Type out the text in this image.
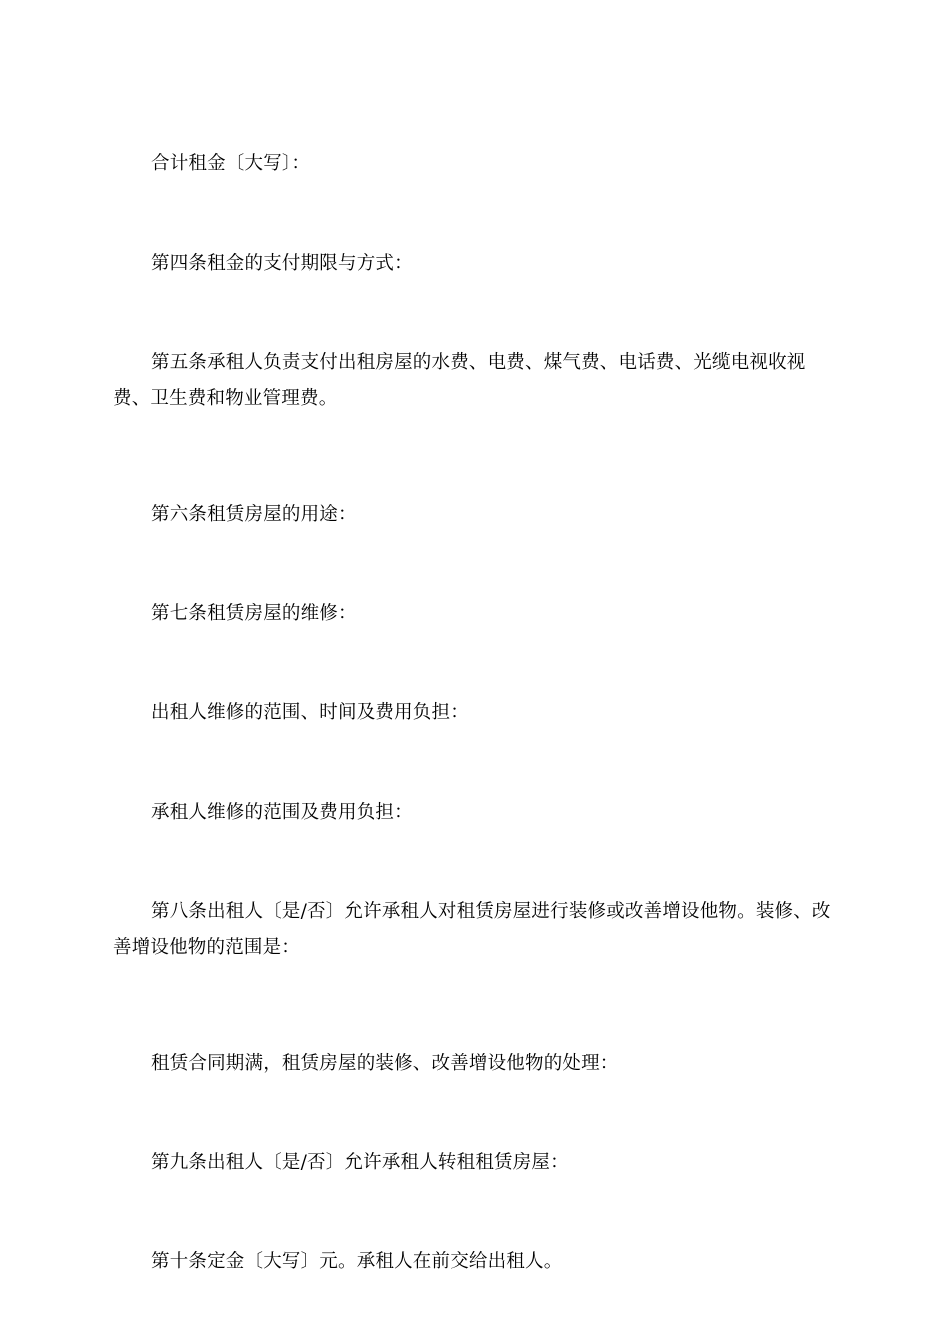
合计租金〔大写〕：

第四条租金的支付期限与方式：

第五条承租人负责支付出租房屋的水费、电费、煤气费、电话费、光缆电视收视费、卫生费和物业管理费。

第六条租赁房屋的用途：

第七条租赁房屋的维修：

出租人维修的范围、时间及费用负担：

承租人维修的范围及费用负担：

第八条出租人〔是/否〕允许承租人对租赁房屋进行装修或改善增设他物。装修、改善增设他物的范围是：

租赁合同期满，租赁房屋的装修、改善增设他物的处理：

第九条出租人〔是/否〕允许承租人转租租赁房屋：

第十条定金〔大写〕元。承租人在前交给出租人。
